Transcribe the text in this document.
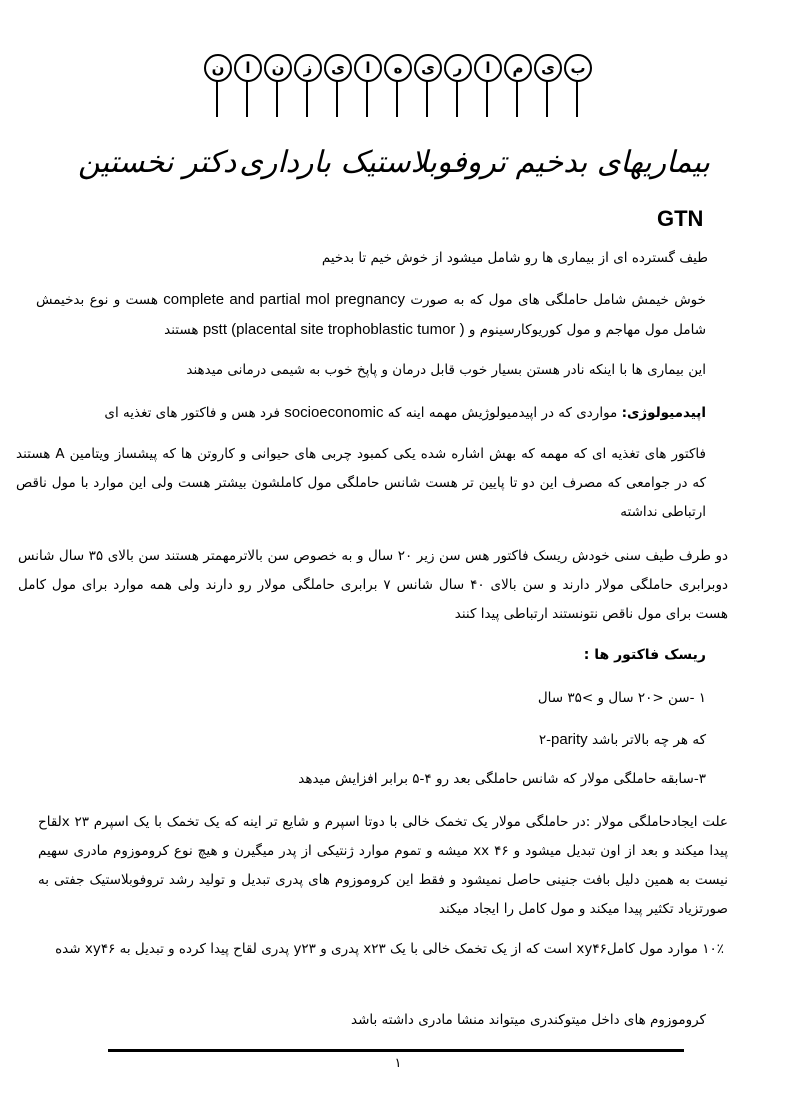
ب
ی
م
ا
ر
ی
ه
ا
ی
ز
ن
ا
ن
بیماریهای بدخیم تروفوبلاستیک بارداری
دکتر نخستین
GTN
طیف گسترده ای از بیماری ها رو شامل میشود از خوش خیم تا بدخیم
خوش خیمش شامل حاملگی های مول که به صورت complete and partial mol pregnancy هست و نوع بدخیمش شامل مول مهاجم و مول کوریوکارسینوم و pstt (placental site trophoblastic tumor ) هستند
این بیماری ها با اینکه نادر هستن بسیار خوب قابل درمان و پاپخ خوب به شیمی درمانی میدهند
اپیدمیولوژی: مواردی که در اپیدمیولوژیش مهمه اینه که socioeconomic فرد هس و فاکتور های تغذیه ای
فاکتور های تغذیه ای که مهمه که بهش اشاره شده یکی کمبود چربی های حیوانی و کاروتن ها که پیشساز ویتامین A هستند که در جوامعی که مصرف این دو تا پایین تر هست شانس حاملگی مول کاملشون بیشتر هست ولی این موارد با مول ناقص ارتباطی نداشته
دو طرف طیف سنی خودش ریسک فاکتور هس سن زیر ۲۰ سال و به خصوص سن بالاترمهمتر هستند سن بالای ۳۵ سال شانس دوبرابری حاملگی مولار دارند و سن بالای ۴۰ سال شانس ۷ برابری حاملگی مولار رو دارند ولی همه موارد برای مول کامل هست برای مول ناقص نتونستند ارتباطی پیدا کنند
ریسک فاکتور ها :
۱ -سن <۲۰ سال و >۳۵ سال
۲-parity که هر چه بالاتر باشد
۳-سابقه حاملگی مولار که شانس حاملگی بعد رو ۴-۵ برابر افزایش میدهد
علت ایجادحاملگی مولار :در حاملگی مولار یک تخمک خالی با دوتا اسپرم و شایع تر اینه که یک تخمک با یک اسپرم ۲۳ xلقاح پیدا میکند و بعد از اون تبدیل میشود و ۴۶ xx میشه و تموم موارد ژنتیکی از پدر میگیرن و هیچ نوع کروموزوم مادری سهیم نیست به همین دلیل بافت جنینی حاصل نمیشود و فقط این کروموزوم های پدری تبدیل و تولید رشد تروفوبلاستیک جفتی به صورتزیاد تکثیر پیدا میکند و مول کامل را ایجاد میکند
۱۰٪ موارد مول کاملxy۴۶ است که از یک تخمک خالی با یک x۲۳ پدری و y۲۳ پدری لقاح پیدا کرده و تبدیل به xy۴۶ شده
کروموزوم های داخل میتوکندری میتواند منشا مادری داشته باشد
۱
